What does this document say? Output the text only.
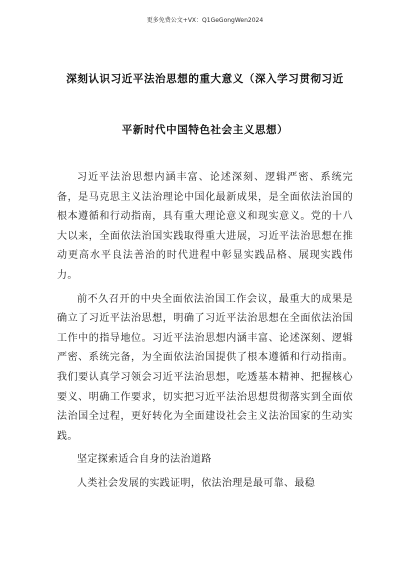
更多免费公文+VX：Q1GeGongWen2024
深刻认识习近平法治思想的重大意义（深入学习贯彻习近
平新时代中国特色社会主义思想）

习近平法治思想内涵丰富、论述深刻、逻辑严密、系统完备，是马克思主义法治理论中国化最新成果，是全面依法治国的根本遵循和行动指南，具有重大理论意义和现实意义。党的十八大以来，全面依法治国实践取得重大进展，习近平法治思想在推动更高水平良法善治的时代进程中彰显实践品格、展现实践伟力。

前不久召开的中央全面依法治国工作会议，最重大的成果是确立了习近平法治思想，明确了习近平法治思想在全面依法治国工作中的指导地位。习近平法治思想内涵丰富、论述深刻、逻辑严密、系统完备，为全面依法治国提供了根本遵循和行动指南。我们要认真学习领会习近平法治思想，吃透基本精神、把握核心要义、明确工作要求，切实把习近平法治思想贯彻落实到全面依法治国全过程，更好转化为全面建设社会主义法治国家的生动实践。

坚定探索适合自身的法治道路

人类社会发展的实践证明，依法治理是最可靠、最稳
